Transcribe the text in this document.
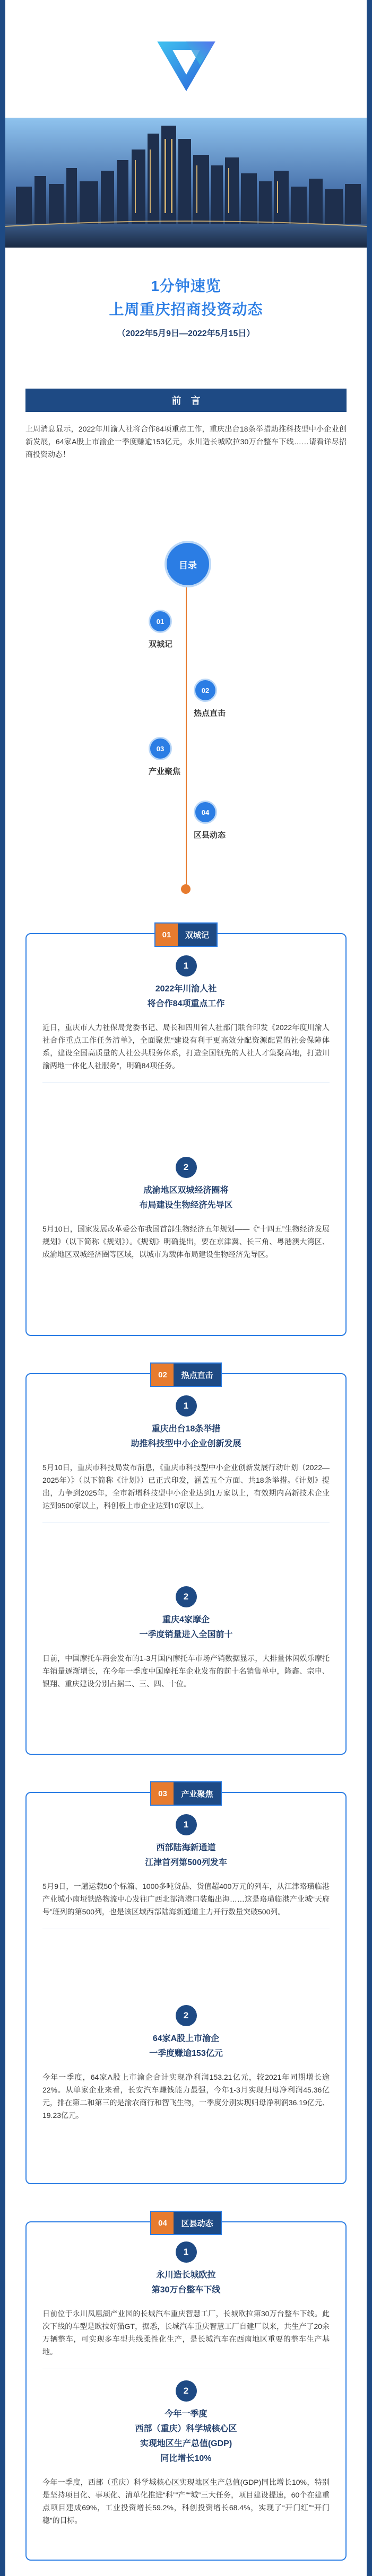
1分钟速览
上周重庆招商投资动态
（2022年5月9日—2022年5月15日）
前　言
上周消息显示，2022年川渝人社将合作84项重点工作，重庆出台18条举措助推科技型中小企业创新发展，64家A股上市渝企一季度赚逾153亿元，永川造长城欧拉30万台整车下线……请看详尽招商投资动态！
目录
01
双城记
02
热点直击
03
产业聚焦
04
区县动态
01	双城记
1
2022年川渝人社
将合作84项重点工作
近日，重庆市人力社保局党委书记、局长和四川省人社部门联合印发《2022年度川渝人社合作重点工作任务清单》，全面聚焦“建设有利于更高效分配资源配置的社会保障体系，建设全国高质量的人社公共服务体系，打造全国领先的人社人才集聚高地，打造川渝两地一体化人社服务”，明确84项任务。
2
成渝地区双城经济圈将
布局建设生物经济先导区
5月10日，国家发展改革委公布我国首部生物经济五年规划——《“十四五”生物经济发展规划》（以下简称《规划》）。《规划》明确提出，要在京津冀、长三角、粤港澳大湾区、成渝地区双城经济圈等区域，以城市为载体布局建设生物经济先导区。
02	热点直击
1
重庆出台18条举措
助推科技型中小企业创新发展
5月10日，重庆市科技局发布消息，《重庆市科技型中小企业创新发展行动计划（2022—2025年）》（以下简称《计划》）已正式印发，涵盖五个方面、共18条举措。《计划》提出，力争到2025年，全市新增科技型中小企业达到1万家以上，有效期内高新技术企业达到9500家以上，科创板上市企业达到10家以上。
2
重庆4家摩企
一季度销量进入全国前十
日前，中国摩托车商会发布的1-3月国内摩托车市场产销数据显示，大排量休闲娱乐摩托车销量逐渐增长，在今年一季度中国摩托车企业发布的前十名销售单中，隆鑫、宗申、银翔、重庆建设分别占据二、三、四、十位。
03	产业聚焦
1
西部陆海新通道
江津首列第500列发车
5月9日，一趟运载50个标箱、1000多吨货品、货值超400万元的列车，从江津珞璜临港产业城小南垭铁路物流中心发往广西北部湾港口装船出海……这是珞璜临港产业城“天府号”班列的第500列，也是该区域西部陆海新通道主力开行数量突破500列。
2
64家A股上市渝企
一季度赚逾153亿元
今年一季度，64家A股上市渝企合计实现净利润153.21亿元，较2021年同期增长逾22%。从单家企业来看，长安汽车赚钱能力最强，今年1-3月实现归母净利润45.36亿元，排在第二和第三的是渝农商行和智飞生物，一季度分别实现归母净利润36.19亿元、19.23亿元。
04	区县动态
1
永川造长城欧拉
第30万台整车下线
日前位于永川凤凰湖产业园的长城汽车重庆智慧工厂，长城欧拉第30万台整车下线。此次下线的车型是欧拉好猫GT，据悉，长城汽车重庆智慧工厂自建厂以来，共生产了20余万辆整车，可实现多车型共线柔性化生产，是长城汽车在西南地区重要的整车生产基地。
2
今年一季度
西部（重庆）科学城核心区
实现地区生产总值(GDP)
同比增长10%
今年一季度，西部（重庆）科学城核心区实现地区生产总值(GDP)同比增长10%，特别是坚持项目化、事项化、清单化推进“科”“产”“城”三大任务，项目建设提速，60个在建重点项目建成69%，工业投资增长59.2%，科创投资增长68.4%，实现了“开门红”“开门稳”的目标。
